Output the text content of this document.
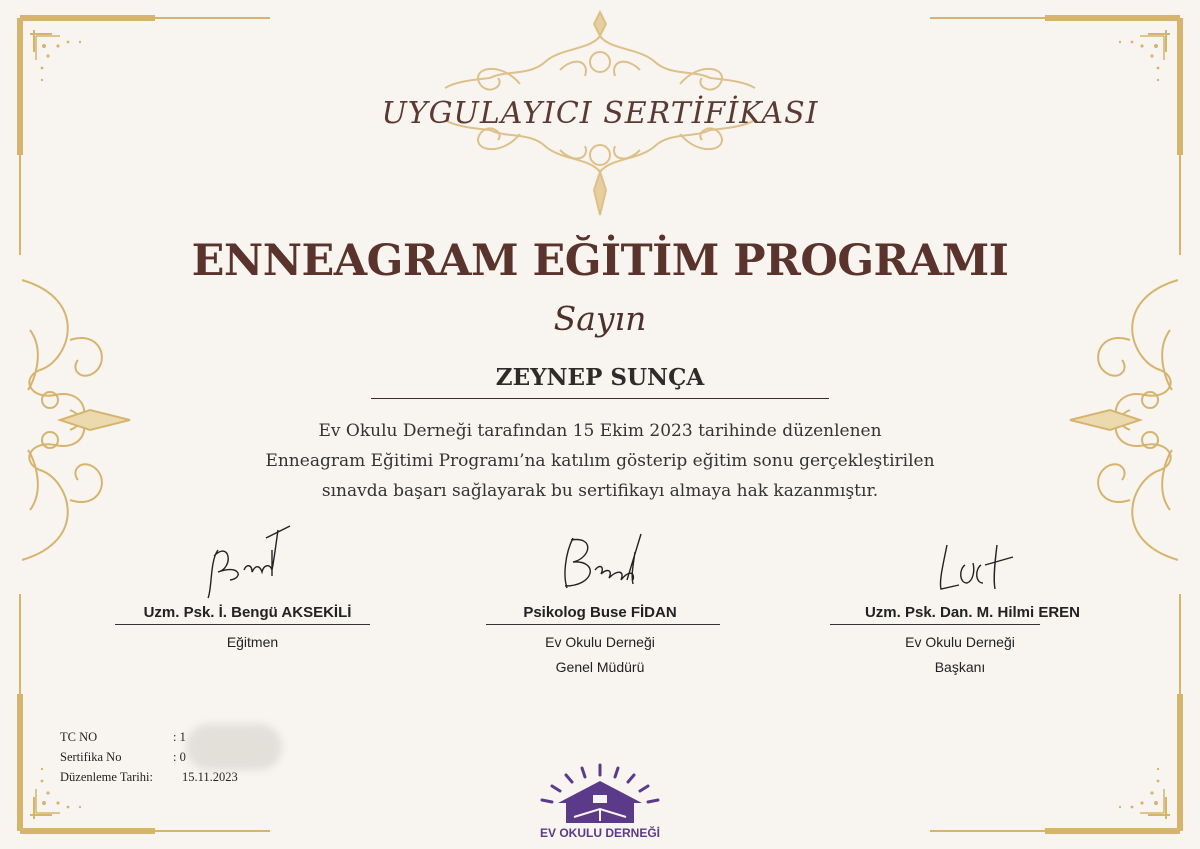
UYGULAYICI SERTİFİKASI
ENNEAGRAM EĞİTİM PROGRAMI
Sayın
ZEYNEP SUNÇA
Ev Okulu Derneği tarafından 15 Ekim 2023 tarihinde düzenlenen
Enneagram Eğitimi Programı’na katılım gösterip eğitim sonu gerçekleştirilen
sınavda başarı sağlayarak bu sertifikayı almaya hak kazanmıştır.
Uzm. Psk. İ. Bengü AKSEKİLİ
Eğitmen
Psikolog Buse FİDAN
Ev Okulu Derneği
Genel Müdürü
Uzm. Psk. Dan. M. Hilmi EREN
Ev Okulu Derneği
Başkanı
TC NO	: 1
Sertifika No	: 0
Düzenleme Tarihi: 15.11.2023
EV OKULU DERNEĞİ
